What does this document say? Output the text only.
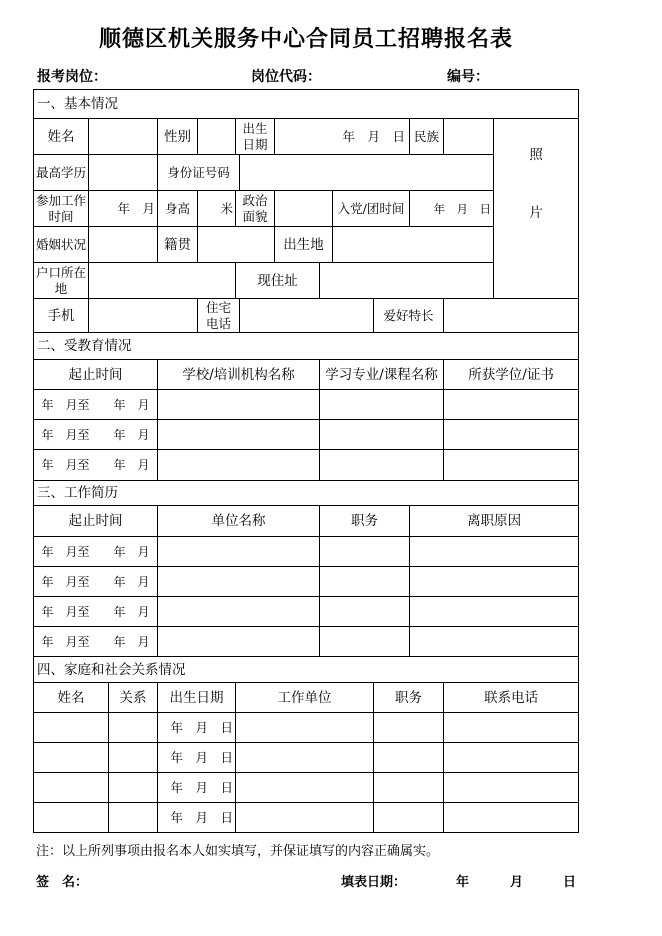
顺德区机关服务中心合同员工招聘报名表
报考岗位：	岗位代码：	编号：
一、基本情况													
姓名			性别		出生日期		年　月　日				民族		照
片

最高学历			身份证号码										
参加工作时间	年　月		身高	米	政治面貌				入党/团时间		年　月　日		
婚姻状况			籍贯				出生地						
户口所在地					现住址								
手机				住宅电话						爱好特长			
二、受教育情况													
起止时间			学校/培训机构名称					学习专业/课程名称				所获学位/证书	
年　月至　　年　月													
年　月至　　年　月													
年　月至　　年　月													
三、工作简历													
起止时间			单位名称					职务			离职原因		
年　月至　　年　月													
年　月至　　年　月													
年　月至　　年　月													
年　月至　　年　月													
四、家庭和社会关系情况													
姓名		关系	出生日期		工作单位					职务		联系电话	
			年　月　日										
			年　月　日										
			年　月　日										
			年　月　日										
注：以上所列事项由报名本人如实填写，并保证填写的内容正确属实。
签　名：	填表日期：	年	月	日
